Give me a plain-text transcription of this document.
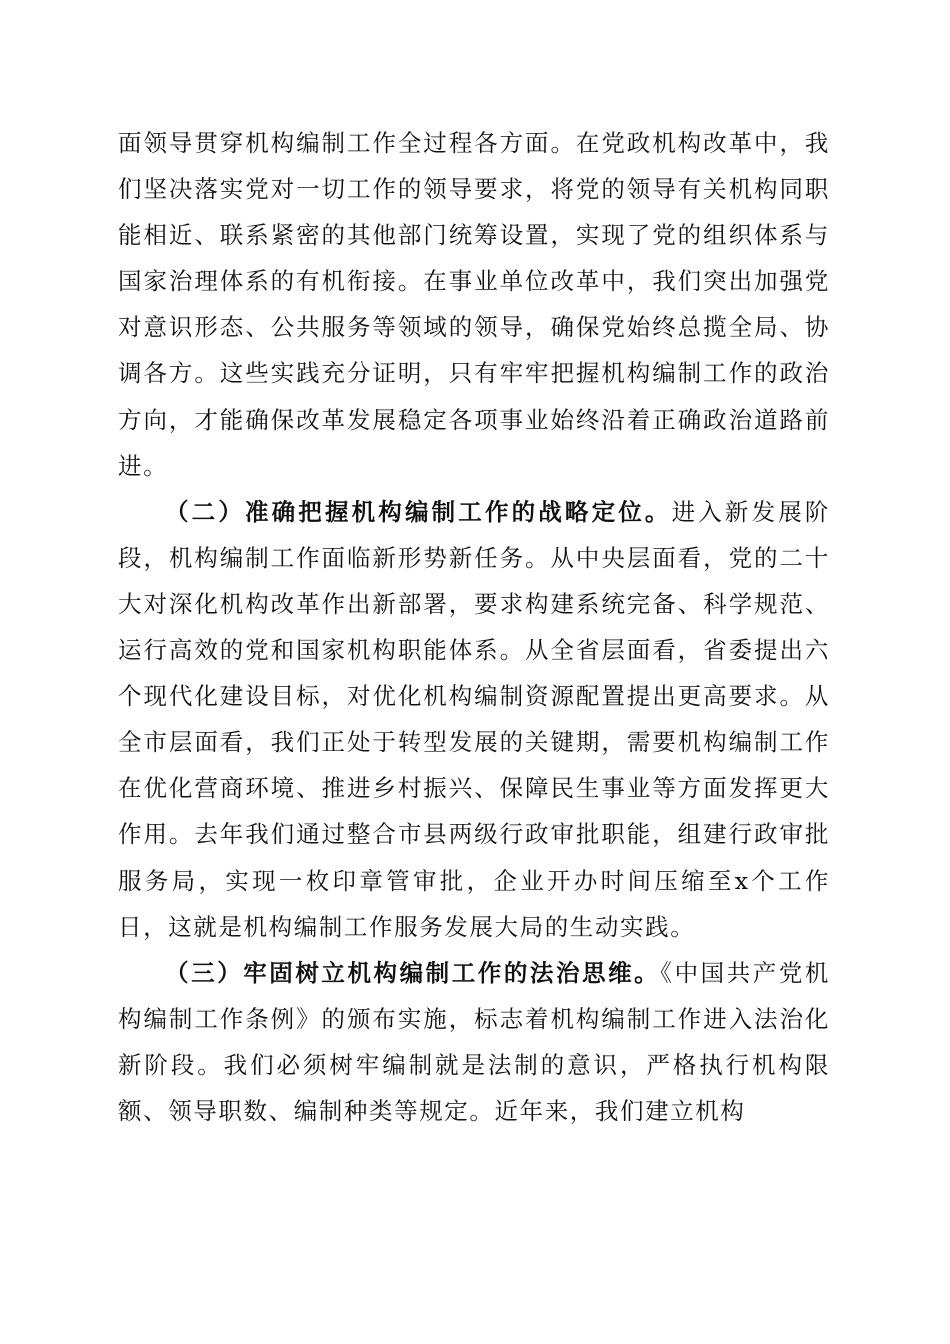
面领导贯穿机构编制工作全过程各方面。在党政机构改革中，我们坚决落实党对一切工作的领导要求，将党的领导有关机构同职能相近、联系紧密的其他部门统筹设置，实现了党的组织体系与国家治理体系的有机衔接。在事业单位改革中，我们突出加强党对意识形态、公共服务等领域的领导，确保党始终总揽全局、协调各方。这些实践充分证明，只有牢牢把握机构编制工作的政治方向，才能确保改革发展稳定各项事业始终沿着正确政治道路前进。

（二）准确把握机构编制工作的战略定位。进入新发展阶段，机构编制工作面临新形势新任务。从中央层面看，党的二十大对深化机构改革作出新部署，要求构建系统完备、科学规范、运行高效的党和国家机构职能体系。从全省层面看，省委提出六个现代化建设目标，对优化机构编制资源配置提出更高要求。从全市层面看，我们正处于转型发展的关键期，需要机构编制工作在优化营商环境、推进乡村振兴、保障民生事业等方面发挥更大作用。去年我们通过整合市县两级行政审批职能，组建行政审批服务局，实现一枚印章管审批，企业开办时间压缩至x个工作日，这就是机构编制工作服务发展大局的生动实践。

（三）牢固树立机构编制工作的法治思维。《中国共产党机构编制工作条例》的颁布实施，标志着机构编制工作进入法治化新阶段。我们必须树牢编制就是法制的意识，严格执行机构限额、领导职数、编制种类等规定。近年来，我们建立机构
